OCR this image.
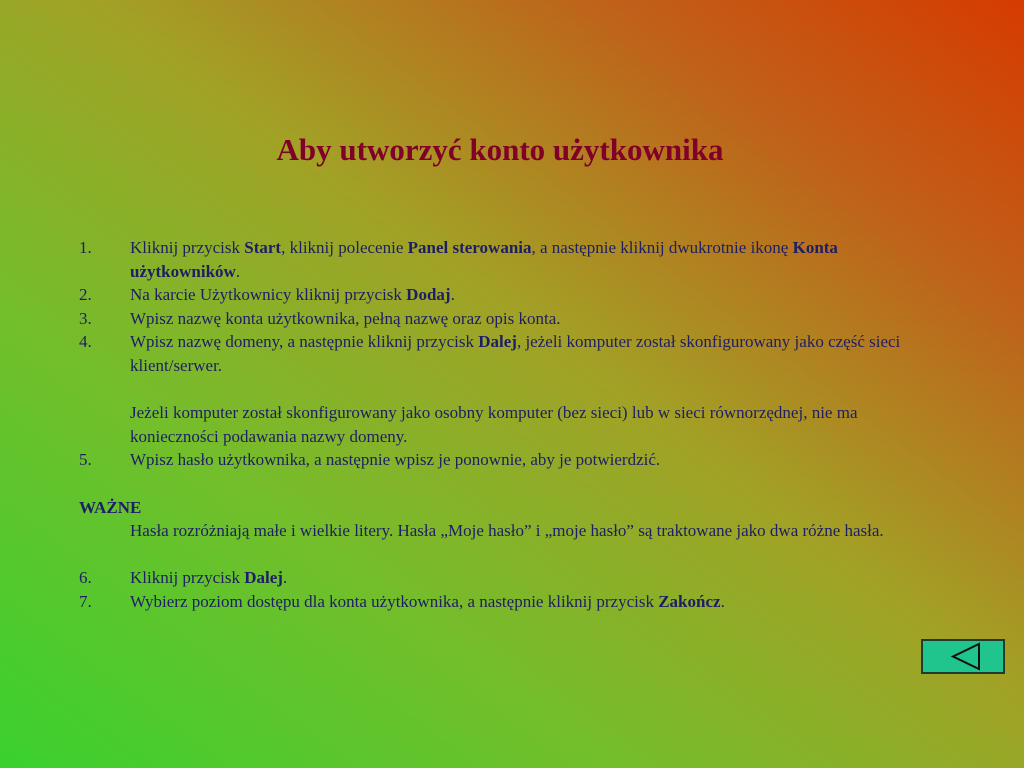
Aby utworzyć konto użytkownika
1.	Kliknij przycisk Start, kliknij polecenie Panel sterowania, a następnie kliknij dwukrotnie ikonę Konta użytkowników.
2.	Na karcie Użytkownicy kliknij przycisk Dodaj.
3.	Wpisz nazwę konta użytkownika, pełną nazwę oraz opis konta.
4.	Wpisz nazwę domeny, a następnie kliknij przycisk Dalej, jeżeli komputer został skonfigurowany jako część sieci klient/serwer.
Jeżeli komputer został skonfigurowany jako osobny komputer (bez sieci) lub w sieci równorzędnej, nie ma konieczności podawania nazwy domeny.
5.	Wpisz hasło użytkownika, a następnie wpisz je ponownie, aby je potwierdzić.
WAŻNE
Hasła rozróżniają małe i wielkie litery. Hasła „Moje hasło” i „moje hasło” są traktowane jako dwa różne hasła.
6.	Kliknij przycisk Dalej.
7.	Wybierz poziom dostępu dla konta użytkownika, a następnie kliknij przycisk Zakończ.
